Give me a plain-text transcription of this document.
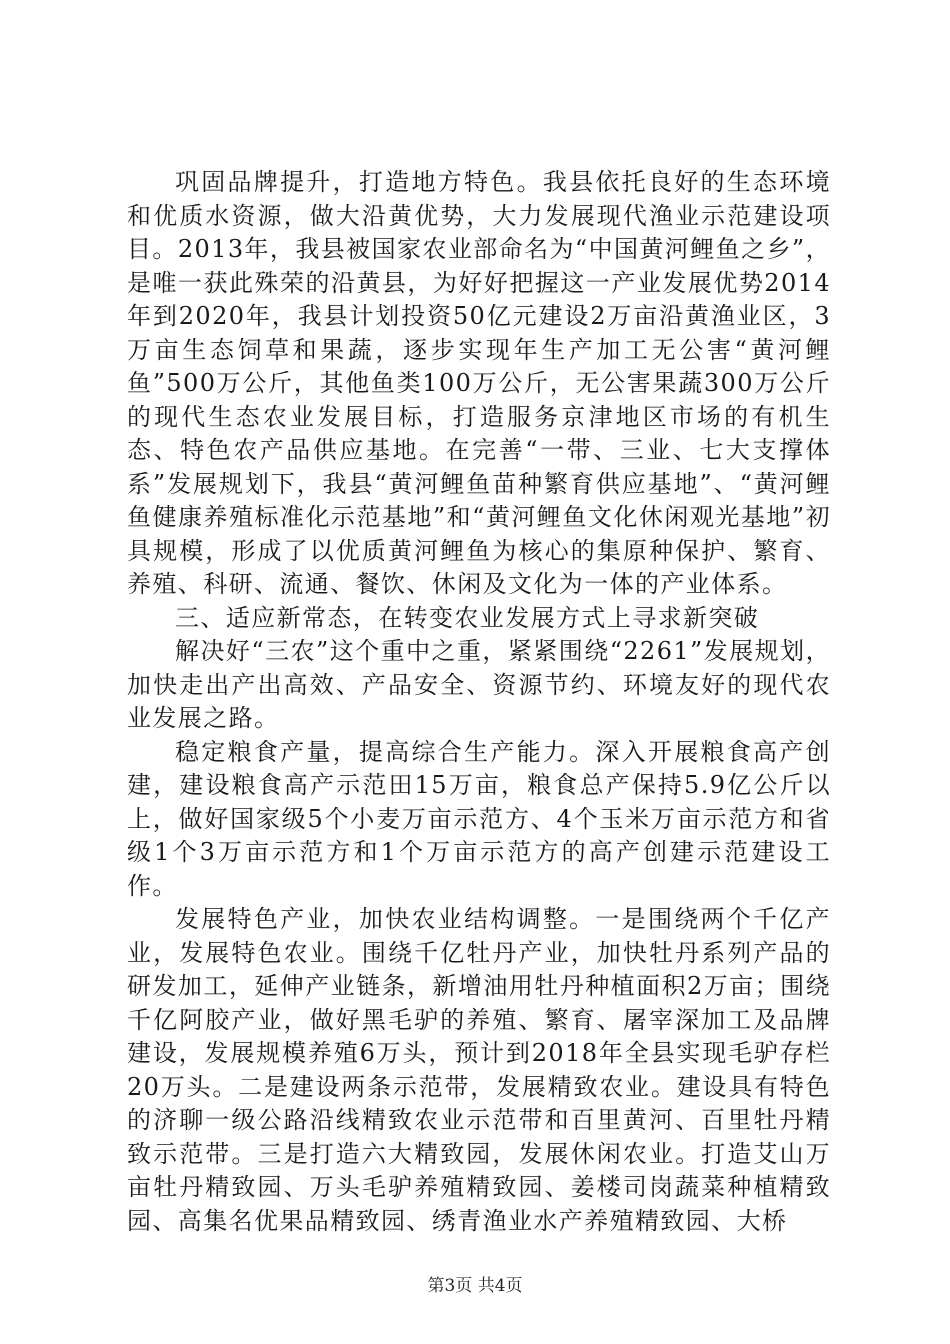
巩固品牌提升，打造地方特色。我县依托良好的生态环境和优质水资源，做大沿黄优势，大力发展现代渔业示范建设项目。2013年，我县被国家农业部命名为“中国黄河鲤鱼之乡”，是唯一获此殊荣的沿黄县，为好好把握这一产业发展优势2014年到2020年，我县计划投资50亿元建设2万亩沿黄渔业区，3万亩生态饲草和果蔬，逐步实现年生产加工无公害“黄河鲤鱼”500万公斤，其他鱼类100万公斤，无公害果蔬300万公斤的现代生态农业发展目标，打造服务京津地区市场的有机生态、特色农产品供应基地。在完善“一带、三业、七大支撑体系”发展规划下，我县“黄河鲤鱼苗种繁育供应基地”、“黄河鲤鱼健康养殖标准化示范基地”和“黄河鲤鱼文化休闲观光基地”初具规模，形成了以优质黄河鲤鱼为核心的集原种保护、繁育、养殖、科研、流通、餐饮、休闲及文化为一体的产业体系。

三、适应新常态，在转变农业发展方式上寻求新突破

解决好“三农”这个重中之重，紧紧围绕“2261”发展规划，加快走出产出高效、产品安全、资源节约、环境友好的现代农业发展之路。

稳定粮食产量，提高综合生产能力。深入开展粮食高产创建，建设粮食高产示范田15万亩，粮食总产保持5.9亿公斤以上，做好国家级5个小麦万亩示范方、4个玉米万亩示范方和省级1个3万亩示范方和1个万亩示范方的高产创建示范建设工作。

发展特色产业，加快农业结构调整。一是围绕两个千亿产业，发展特色农业。围绕千亿牡丹产业，加快牡丹系列产品的研发加工，延伸产业链条，新增油用牡丹种植面积2万亩；围绕千亿阿胶产业，做好黑毛驴的养殖、繁育、屠宰深加工及品牌建设，发展规模养殖6万头，预计到2018年全县实现毛驴存栏20万头。二是建设两条示范带，发展精致农业。建设具有特色的济聊一级公路沿线精致农业示范带和百里黄河、百里牡丹精致示范带。三是打造六大精致园，发展休闲农业。打造艾山万亩牡丹精致园、万头毛驴养殖精致园、姜楼司岗蔬菜种植精致园、高集名优果品精致园、绣青渔业水产养殖精致园、大桥

第3页 共4页
